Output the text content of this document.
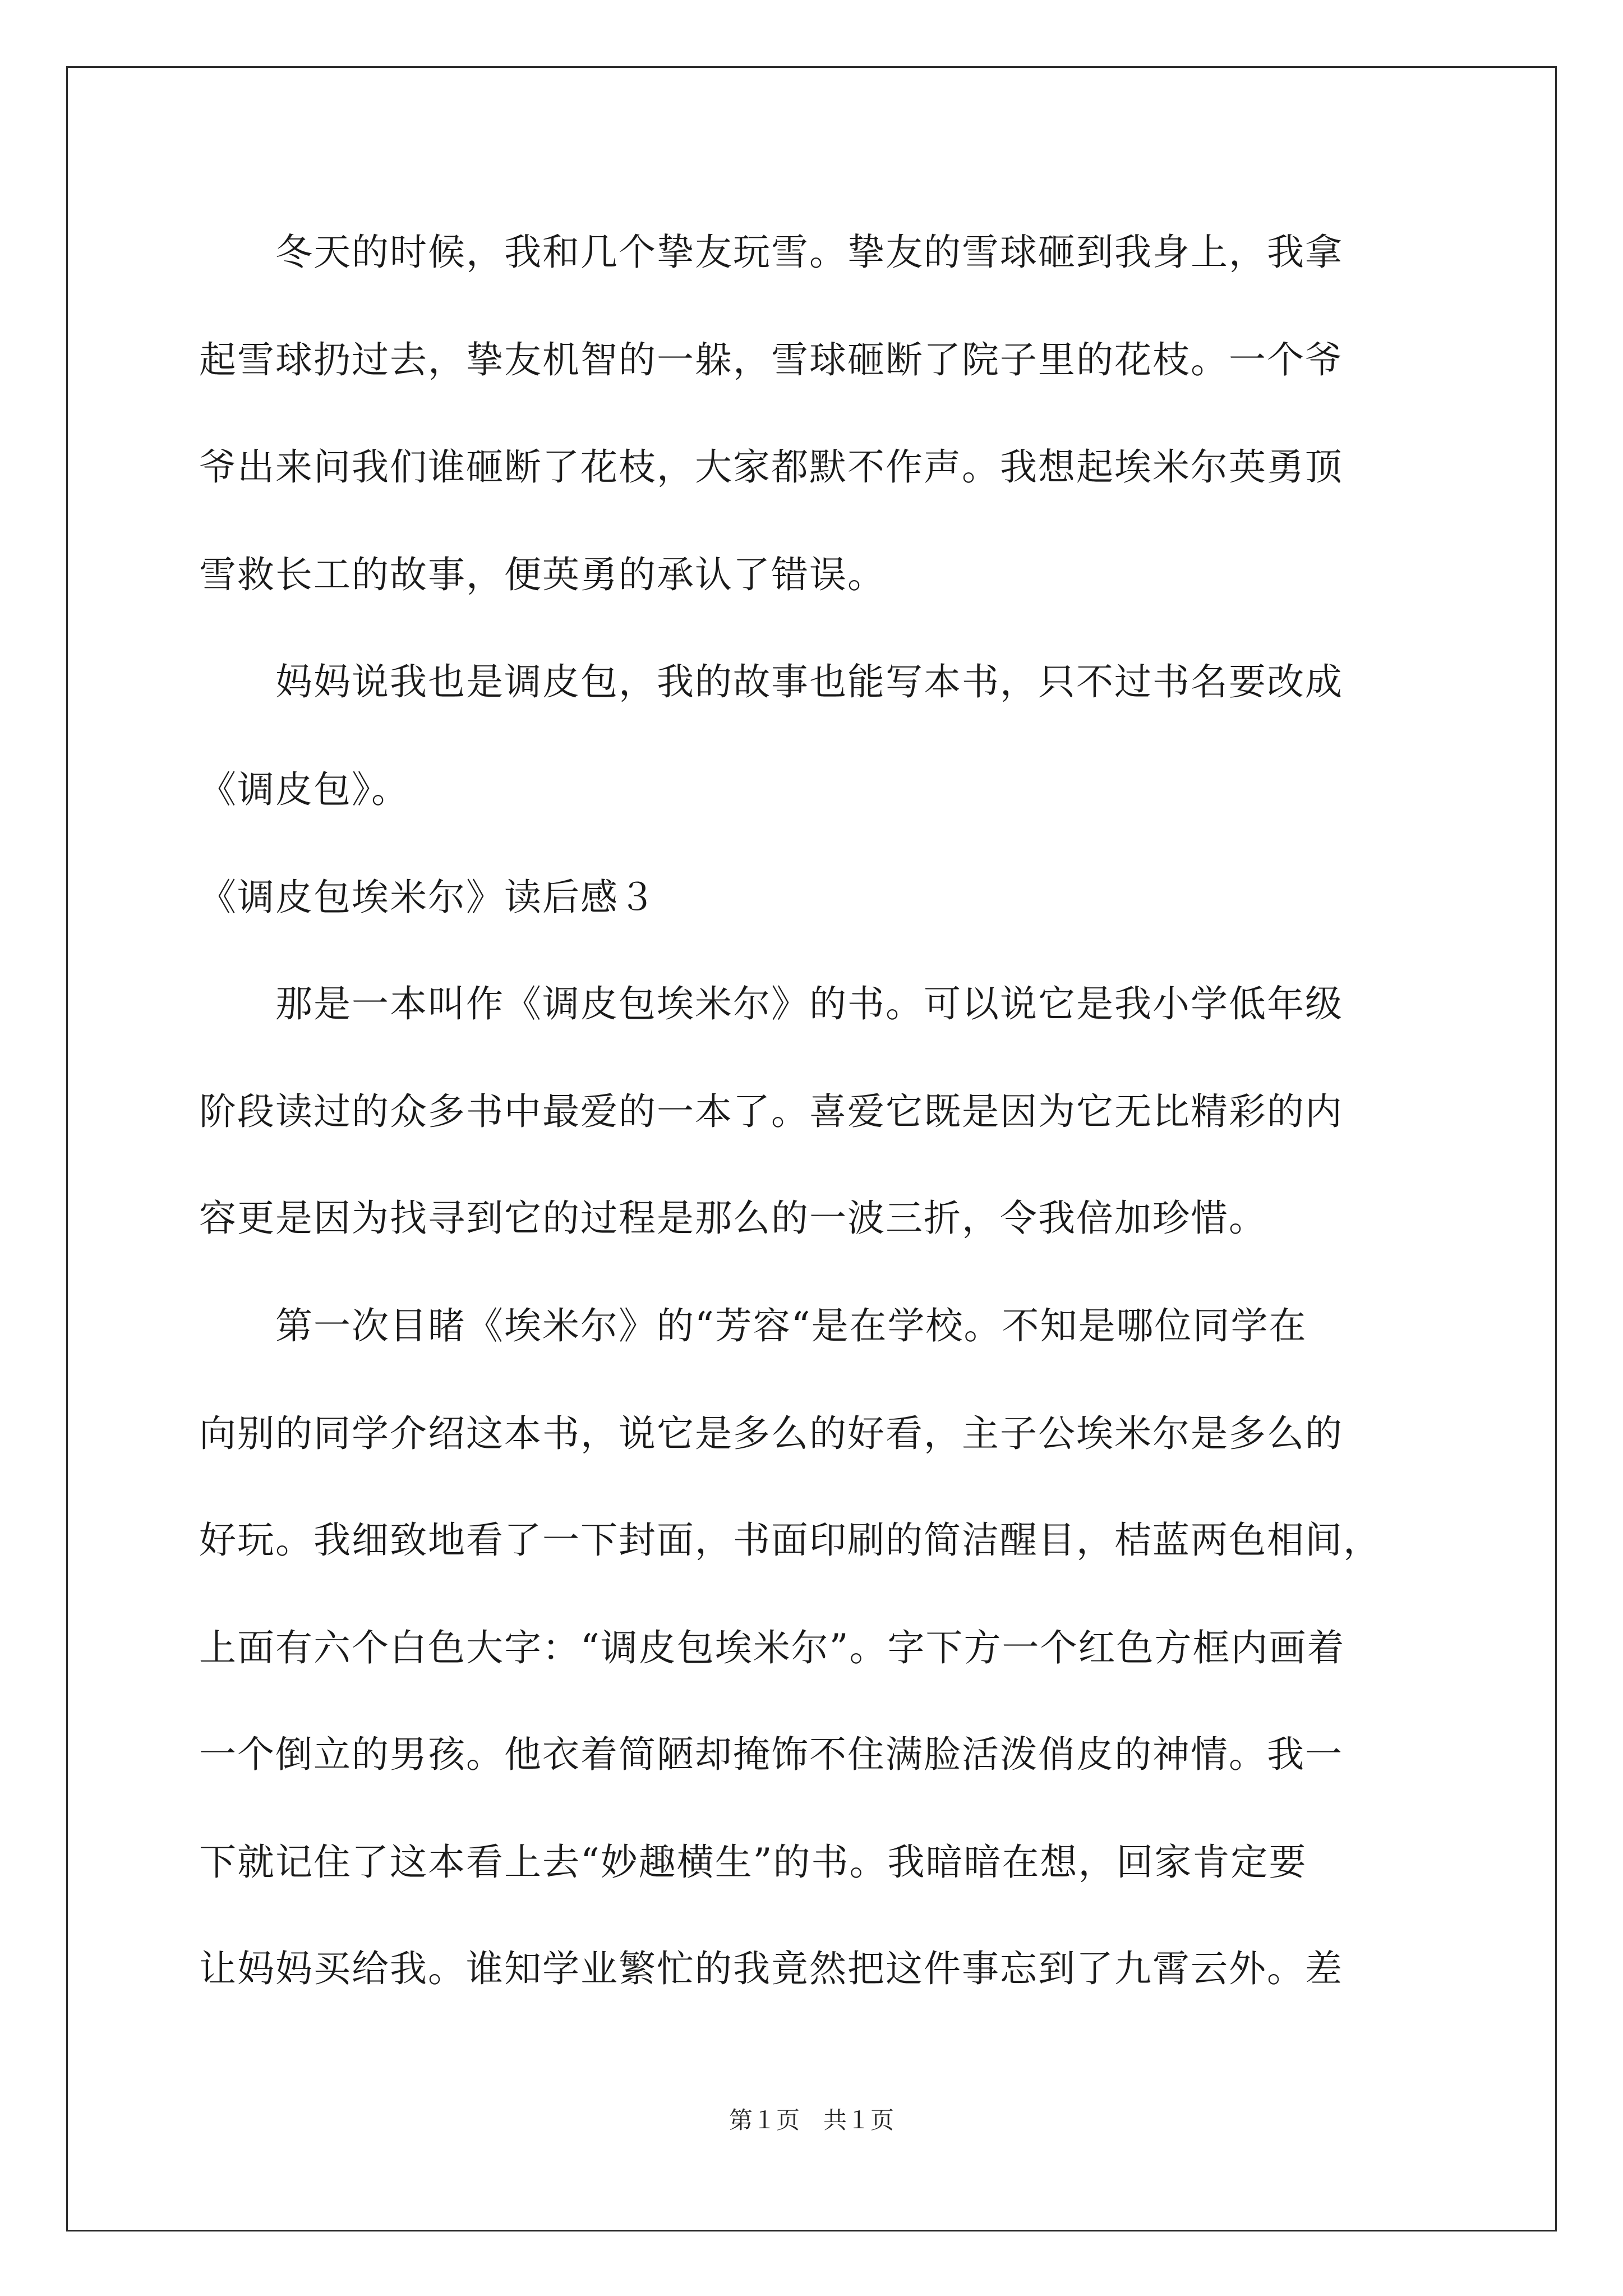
　　冬天的时候，我和几个挚友玩雪。挚友的雪球砸到我身上，我拿
起雪球扔过去，挚友机智的一躲，雪球砸断了院子里的花枝。一个爷
爷出来问我们谁砸断了花枝，大家都默不作声。我想起埃米尔英勇顶
雪救长工的故事，便英勇的承认了错误。
　　妈妈说我也是调皮包，我的故事也能写本书，只不过书名要改成
《调皮包》。
《调皮包埃米尔》读后感３
　　那是一本叫作《调皮包埃米尔》的书。可以说它是我小学低年级
阶段读过的众多书中最爱的一本了。喜爱它既是因为它无比精彩的内
容更是因为找寻到它的过程是那么的一波三折，令我倍加珍惜。
　　第一次目睹《埃米尔》的“芳容“是在学校。不知是哪位同学在
向别的同学介绍这本书，说它是多么的好看，主子公埃米尔是多么的
好玩。我细致地看了一下封面，书面印刷的简洁醒目，桔蓝两色相间，
上面有六个白色大字：“调皮包埃米尔”。字下方一个红色方框内画着
一个倒立的男孩。他衣着简陋却掩饰不住满脸活泼俏皮的神情。我一
下就记住了这本看上去“妙趣横生”的书。我暗暗在想，回家肯定要
让妈妈买给我。谁知学业繁忙的我竟然把这件事忘到了九霄云外。差
第１页　共１页
